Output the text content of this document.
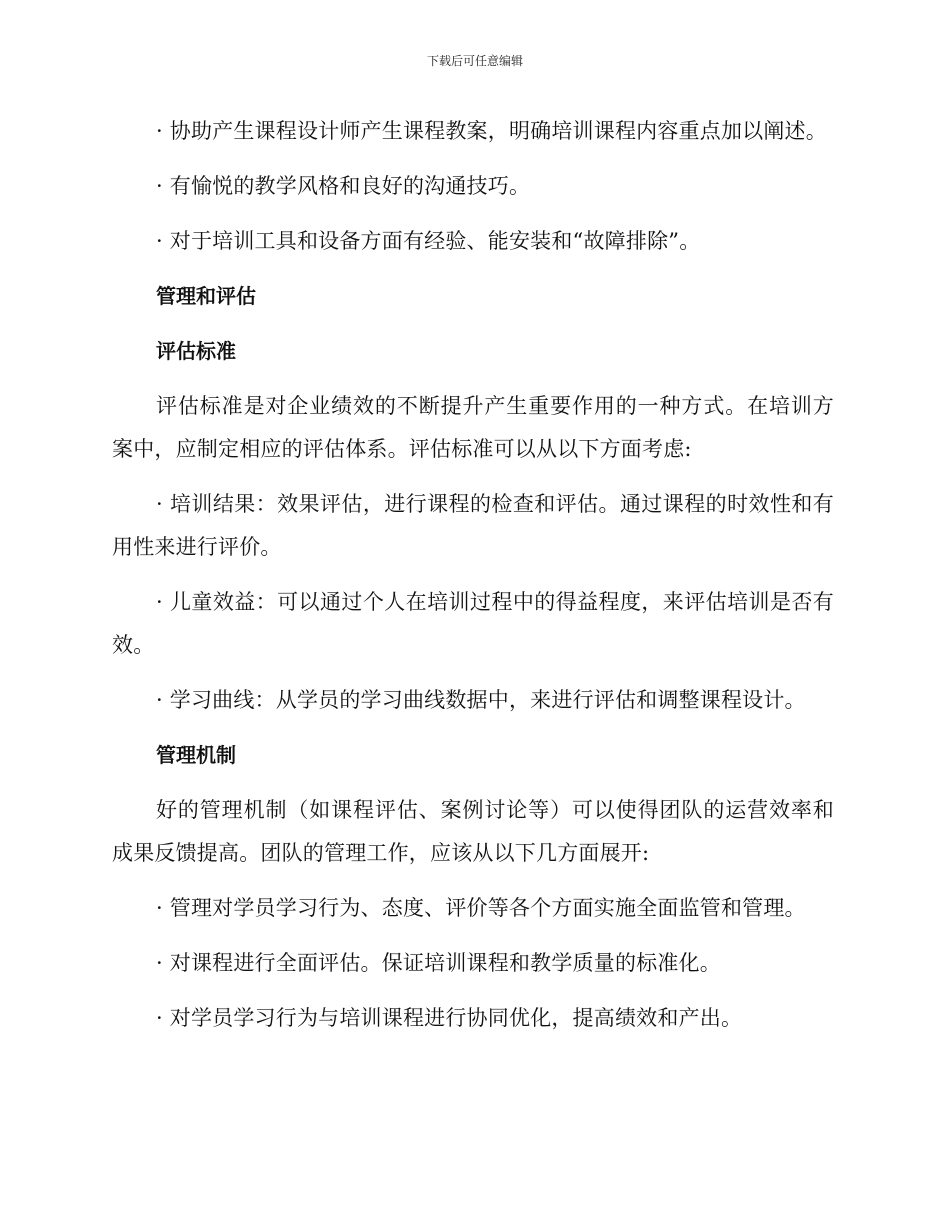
下载后可任意编辑

· 协助产生课程设计师产生课程教案，明确培训课程内容重点加以阐述。

· 有愉悦的教学风格和良好的沟通技巧。

· 对于培训工具和设备方面有经验、能安装和“故障排除”。

管理和评估

评估标准

评估标准是对企业绩效的不断提升产生重要作用的一种方式。在培训方案中，应制定相应的评估体系。评估标准可以从以下方面考虑:

· 培训结果：效果评估，进行课程的检查和评估。通过课程的时效性和有用性来进行评价。

· 儿童效益：可以通过个人在培训过程中的得益程度，来评估培训是否有效。

· 学习曲线：从学员的学习曲线数据中，来进行评估和调整课程设计。

管理机制

好的管理机制（如课程评估、案例讨论等）可以使得团队的运营效率和成果反馈提高。团队的管理工作，应该从以下几方面展开:

· 管理对学员学习行为、态度、评价等各个方面实施全面监管和管理。

· 对课程进行全面评估。保证培训课程和教学质量的标准化。

· 对学员学习行为与培训课程进行协同优化，提高绩效和产出。
